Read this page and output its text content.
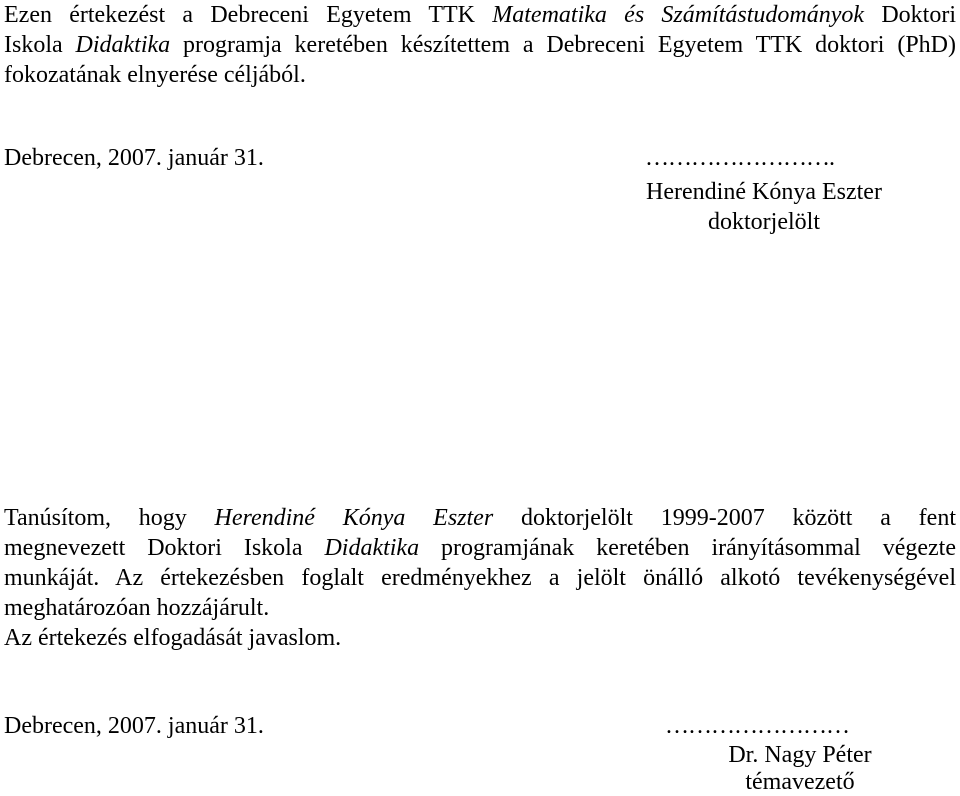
Ezen értekezést a Debreceni Egyetem TTK Matematika és Számítástudományok Doktori
Iskola Didaktika programja keretében készítettem a Debreceni Egyetem TTK doktori (PhD)
fokozatának elnyerése céljából.
Debrecen, 2007. január 31.	…………………….
Herendiné Kónya Eszter
doktorjelölt
Tanúsítom, hogy Herendiné Kónya Eszter doktorjelölt 1999-2007 között a fent
megnevezett Doktori Iskola Didaktika programjának keretében irányításommal végezte
munkáját. Az értekezésben foglalt eredményekhez a jelölt önálló alkotó tevékenységével
meghatározóan hozzájárult.
Az értekezés elfogadását javaslom.
Debrecen, 2007. január 31.	……………………
Dr. Nagy Péter
témavezető
